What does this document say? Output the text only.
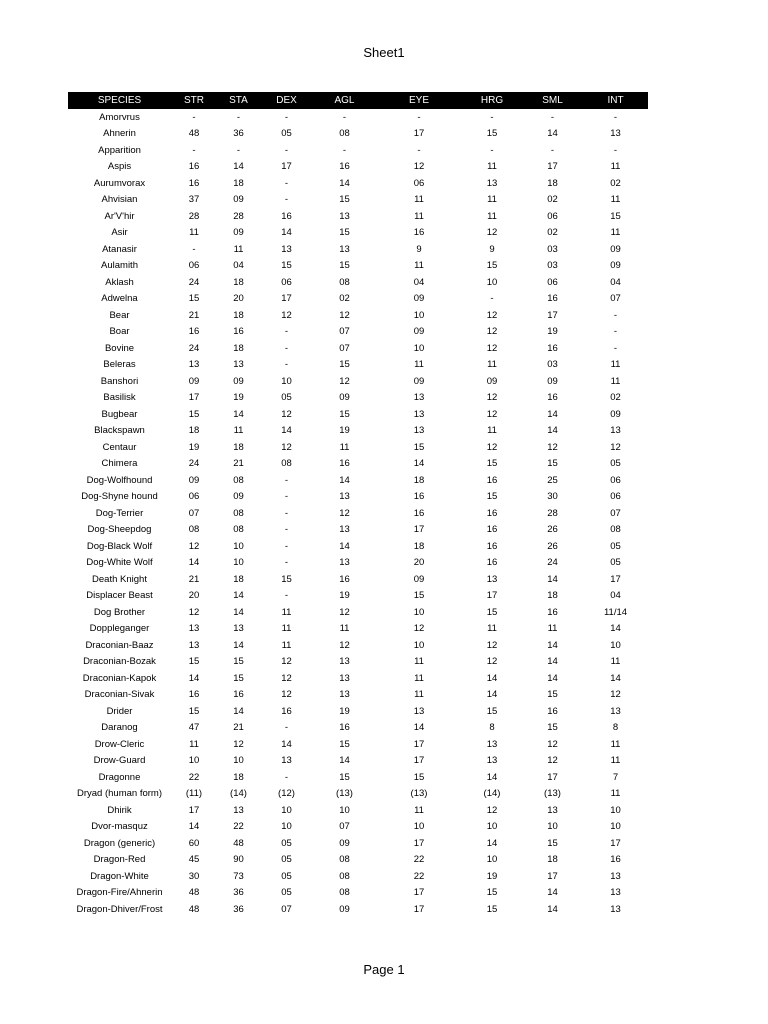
Sheet1
SPECIES	STR	STA	DEX	AGL	EYE	HRG	SML	INT
Amorvrus	-	-	-	-	-	-	-	-
Ahnerin	48	36	05	08	17	15	14	13
Apparition	-	-	-	-	-	-	-	-
Aspis	16	14	17	16	12	11	17	11
Aurumvorax	16	18	-	14	06	13	18	02
Ahvisian	37	09	-	15	11	11	02	11
Ar'V'hir	28	28	16	13	11	11	06	15
Asir	11	09	14	15	16	12	02	11
Atanasir	-	11	13	13	9	9	03	09
Aulamith	06	04	15	15	11	15	03	09
Aklash	24	18	06	08	04	10	06	04
Adwelna	15	20	17	02	09	-	16	07
Bear	21	18	12	12	10	12	17	-
Boar	16	16	-	07	09	12	19	-
Bovine	24	18	-	07	10	12	16	-
Beleras	13	13	-	15	11	11	03	11
Banshori	09	09	10	12	09	09	09	11
Basilisk	17	19	05	09	13	12	16	02
Bugbear	15	14	12	15	13	12	14	09
Blackspawn	18	11	14	19	13	11	14	13
Centaur	19	18	12	11	15	12	12	12
Chimera	24	21	08	16	14	15	15	05
Dog-Wolfhound	09	08	-	14	18	16	25	06
Dog-Shyne hound	06	09	-	13	16	15	30	06
Dog-Terrier	07	08	-	12	16	16	28	07
Dog-Sheepdog	08	08	-	13	17	16	26	08
Dog-Black Wolf	12	10	-	14	18	16	26	05
Dog-White Wolf	14	10	-	13	20	16	24	05
Death Knight	21	18	15	16	09	13	14	17
Displacer Beast	20	14	-	19	15	17	18	04
Dog Brother	12	14	11	12	10	15	16	11/14
Doppleganger	13	13	11	11	12	11	11	14
Draconian-Baaz	13	14	11	12	10	12	14	10
Draconian-Bozak	15	15	12	13	11	12	14	11
Draconian-Kapok	14	15	12	13	11	14	14	14
Draconian-Sivak	16	16	12	13	11	14	15	12
Drider	15	14	16	19	13	15	16	13
Daranog	47	21	-	16	14	8	15	8
Drow-Cleric	11	12	14	15	17	13	12	11
Drow-Guard	10	10	13	14	17	13	12	11
Dragonne	22	18	-	15	15	14	17	7
Dryad (human form)	(11)	(14)	(12)	(13)	(13)	(14)	(13)	11
Dhirik	17	13	10	10	11	12	13	10
Dvor-masquz	14	22	10	07	10	10	10	10
Dragon (generic)	60	48	05	09	17	14	15	17
Dragon-Red	45	90	05	08	22	10	18	16
Dragon-White	30	73	05	08	22	19	17	13
Dragon-Fire/Ahnerin	48	36	05	08	17	15	14	13
Dragon-Dhiver/Frost	48	36	07	09	17	15	14	13
Page 1
